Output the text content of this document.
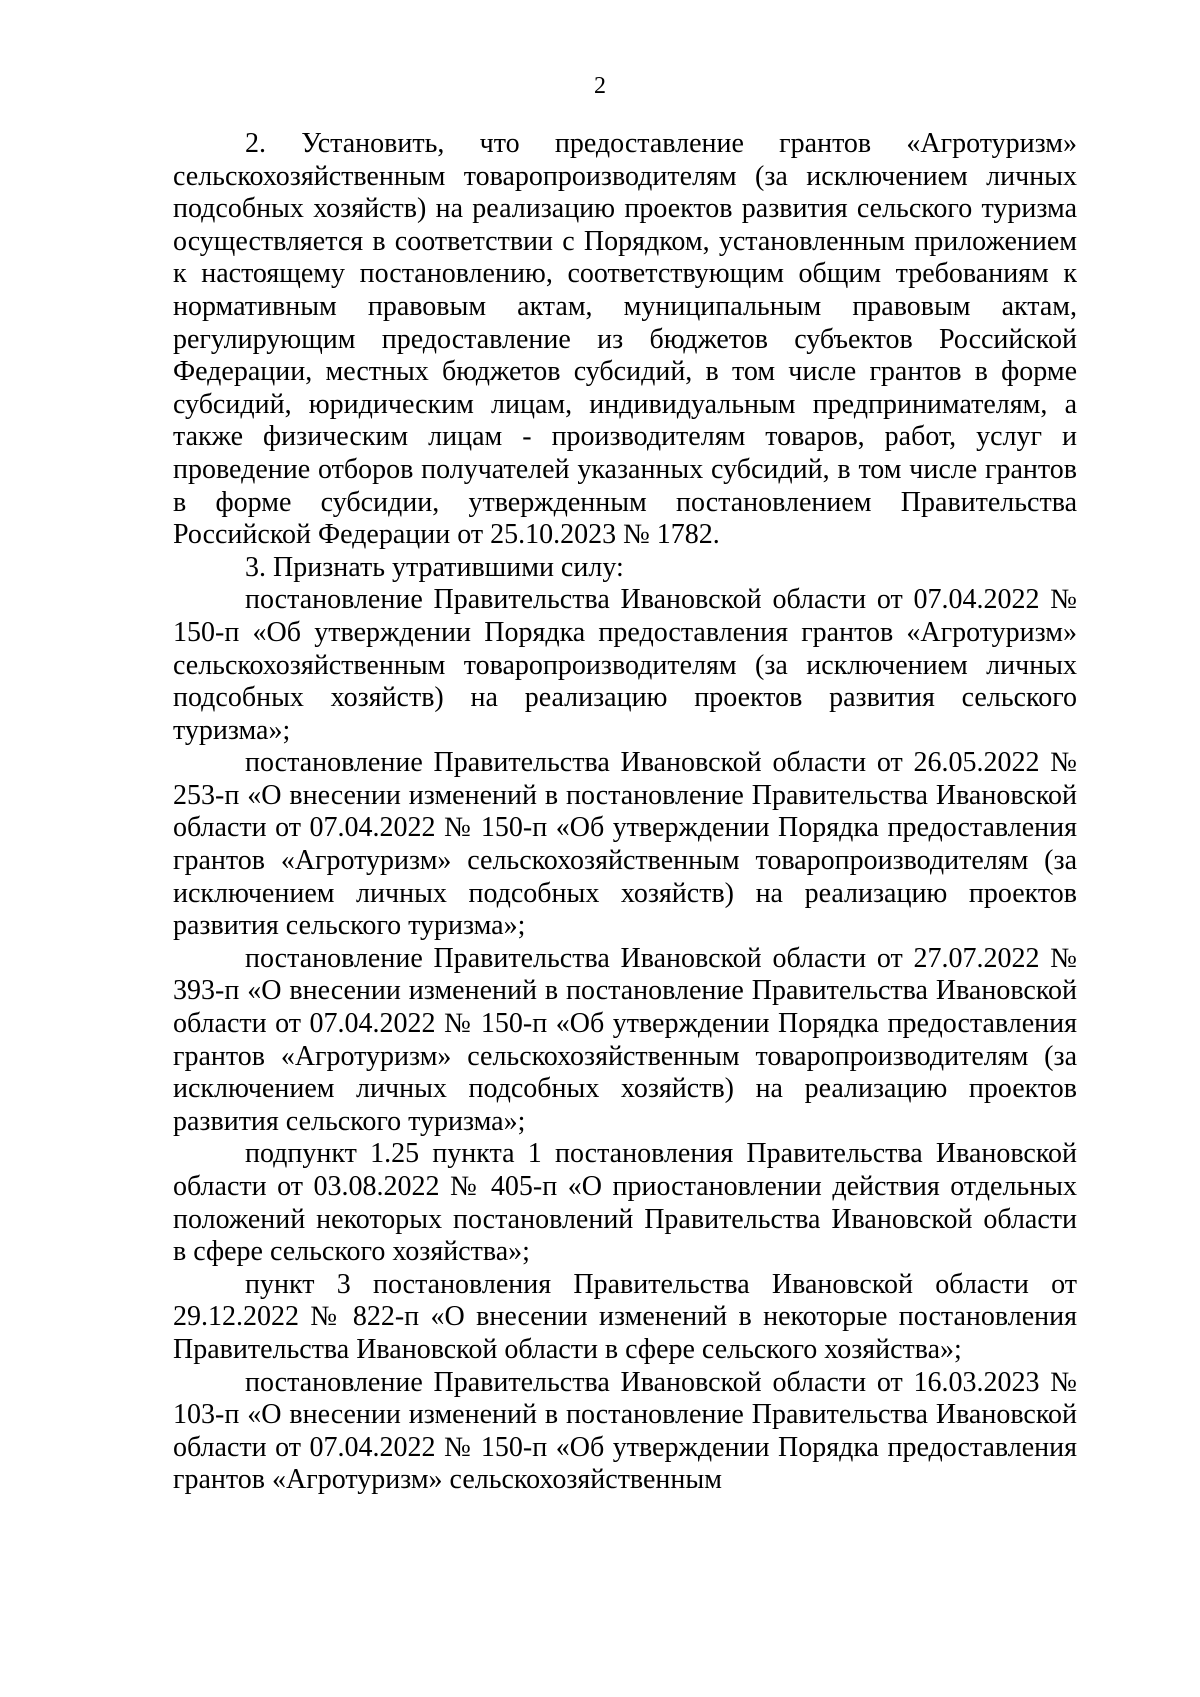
2

2. Установить, что предоставление грантов «Агротуризм» сельскохозяйственным товаропроизводителям (за исключением личных подсобных хозяйств) на реализацию проектов развития сельского туризма осуществляется в соответствии с Порядком, установленным приложением к настоящему постановлению, соответствующим общим требованиям к нормативным правовым актам, муниципальным правовым актам, регулирующим предоставление из бюджетов субъектов Российской Федерации, местных бюджетов субсидий, в том числе грантов в форме субсидий, юридическим лицам, индивидуальным предпринимателям, а также физическим лицам - производителям товаров, работ, услуг и проведение отборов получателей указанных субсидий, в том числе грантов в форме субсидии, утвержденным постановлением Правительства Российской Федерации от 25.10.2023 № 1782.

3. Признать утратившими силу:

постановление Правительства Ивановской области от 07.04.2022 № 150-п «Об утверждении Порядка предоставления грантов «Агротуризм» сельскохозяйственным товаропроизводителям (за исключением личных подсобных хозяйств) на реализацию проектов развития сельского туризма»;

постановление Правительства Ивановской области от 26.05.2022 № 253-п «О внесении изменений в постановление Правительства Ивановской области от 07.04.2022 № 150-п «Об утверждении Порядка предоставления грантов «Агротуризм» сельскохозяйственным товаропроизводителям (за исключением личных подсобных хозяйств) на реализацию проектов развития сельского туризма»;

постановление Правительства Ивановской области от 27.07.2022 № 393-п «О внесении изменений в постановление Правительства Ивановской области от 07.04.2022 № 150-п «Об утверждении Порядка предоставления грантов «Агротуризм» сельскохозяйственным товаропроизводителям (за исключением личных подсобных хозяйств) на реализацию проектов развития сельского туризма»;

подпункт 1.25 пункта 1 постановления Правительства Ивановской области от 03.08.2022 № 405-п «О приостановлении действия отдельных положений некоторых постановлений Правительства Ивановской области в сфере сельского хозяйства»;

пункт 3 постановления Правительства Ивановской области от 29.12.2022 № 822-п «О внесении изменений в некоторые постановления Правительства Ивановской области в сфере сельского хозяйства»;

постановление Правительства Ивановской области от 16.03.2023 № 103-п «О внесении изменений в постановление Правительства Ивановской области от 07.04.2022 № 150-п «Об утверждении Порядка предоставления грантов «Агротуризм» сельскохозяйственным
